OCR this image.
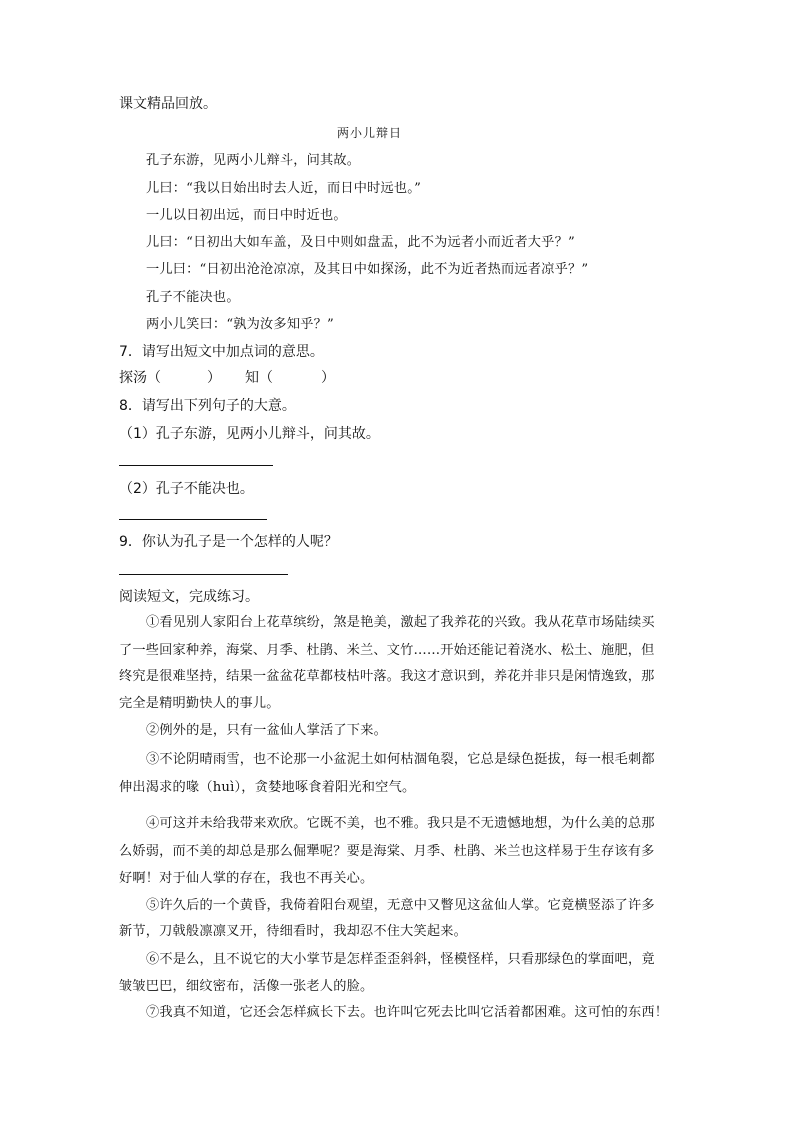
课文精品回放。
两小儿辩日
孔子东游，见两小儿辩斗，问其故。
儿曰：“我以日始出时去人近，而日中时远也。”
一儿以日初出远，而日中时近也。
儿曰：“日初出大如车盖，及日中则如盘盂，此不为远者小而近者大乎？”
一儿曰：“日初出沧沧凉凉，及其日中如探汤，此不为近者热而远者凉乎？”
孔子不能决也。
两小儿笑曰：“孰为汝多知乎？”
7．请写出短文中加点词的意思。
探汤（	） 知（	）
8．请写出下列句子的大意。
（1）孔子东游，见两小儿辩斗，问其故。
（2）孔子不能决也。
9．你认为孔子是一个怎样的人呢？
阅读短文，完成练习。
①看见别人家阳台上花草缤纷，煞是艳美，激起了我养花的兴致。我从花草市场陆续买
了一些回家种养，海棠、月季、杜鹃、米兰、文竹……开始还能记着浇水、松土、施肥，但
终究是很难坚持，结果一盆盆花草都枝枯叶落。我这才意识到，养花并非只是闲情逸致，那
完全是精明勤快人的事儿。
②例外的是，只有一盆仙人掌活了下来。
③不论阴晴雨雪，也不论那一小盆泥土如何枯涸龟裂，它总是绿色挺拔，每一根毛刺都
伸出渴求的喙（huì），贪婪地啄食着阳光和空气。
④可这并未给我带来欢欣。它既不美，也不雅。我只是不无遗憾地想，为什么美的总那
么娇弱，而不美的却总是那么倔犟呢？要是海棠、月季、杜鹃、米兰也这样易于生存该有多
好啊！对于仙人掌的存在，我也不再关心。
⑤许久后的一个黄昏，我倚着阳台观望，无意中又瞥见这盆仙人掌。它竟横竖添了许多
新节，刀戟般凛凛叉开，待细看时，我却忍不住大笑起来。
⑥不是么，且不说它的大小掌节是怎样歪歪斜斜，怪模怪样，只看那绿色的掌面吧，竟
皱皱巴巴，细纹密布，活像一张老人的脸。
⑦我真不知道，它还会怎样疯长下去。也许叫它死去比叫它活着都困难。这可怕的东西！
